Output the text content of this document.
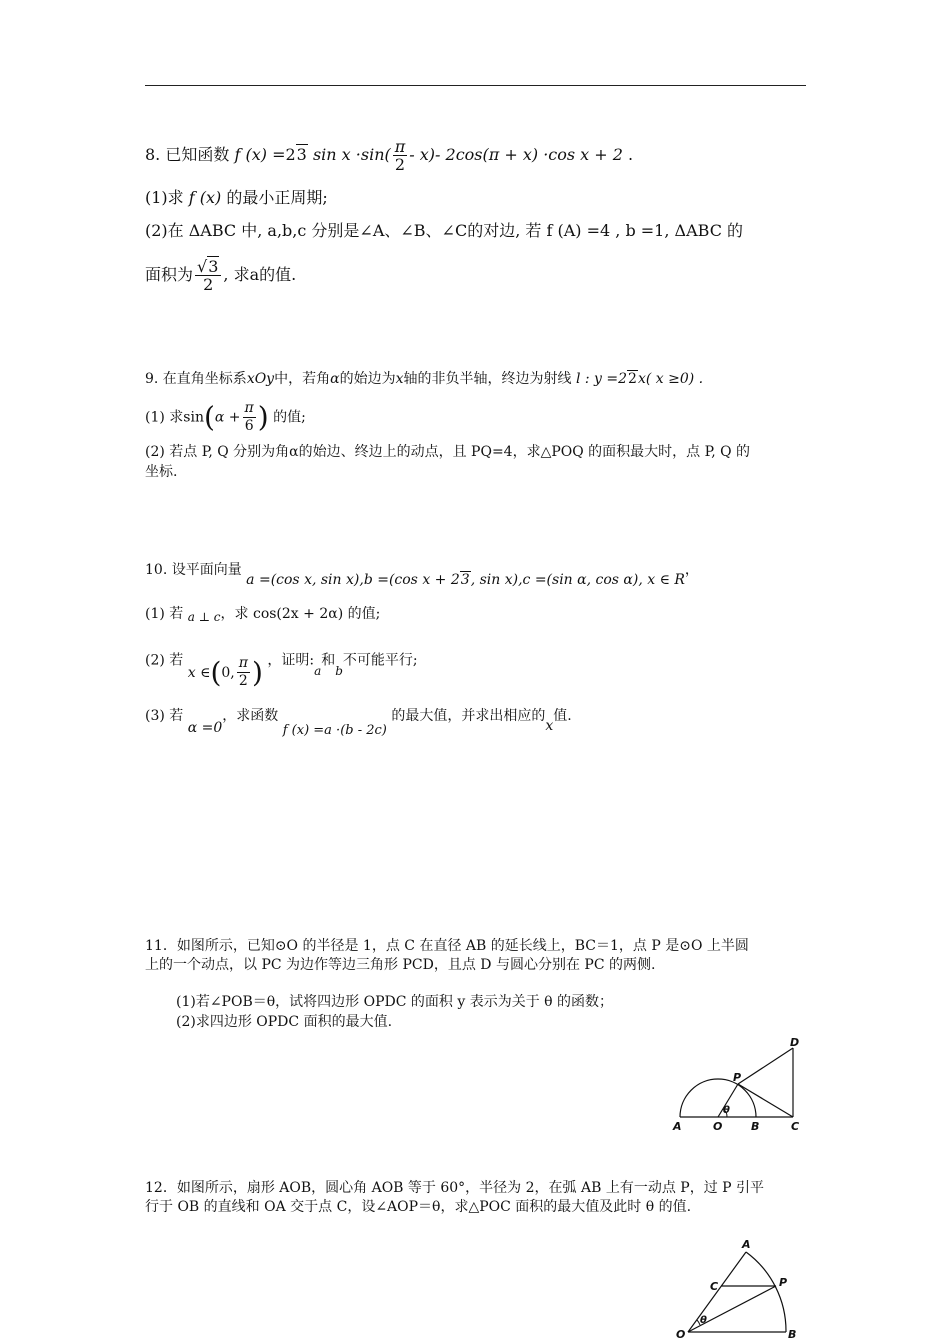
8. 已知函数 f (x) =23 $\sin x \cdot\sin( \frac{\pi}{2} - x)-$ 2cos(π + x) ·cos x + 2 .
(1)求 f (x) 的最小正周期;
(2)在 ΔABC 中, a,b,c 分别是∠A、∠B、∠C的对边, 若 f (A) =4 , b =1, ΔABC 的
面积为 $\frac{√3}{2}$ , 求a的值.
9. 在直角坐标系xOy中，若角α的始边为x轴的非负半轴，终边为射线 l : y =22x( x ≥0) .
(1) 求$\sin(\alpha + \frac{\pi}{6}$ ) 的值;
(2) 若点 P, Q 分别为角α的始边、终边上的动点，且 PQ=4，求△POQ 的面积最大时，点 P, Q 的
坐标.
10. 设平面向量 a =(cos x, sin x),b =(cos x + 23, sin x),c =(sin α, cos α), x ∈ R，
(1) 若 a ⊥ c，求 cos(2x + 2α) 的值;
(2) 若 x ∈(0, $\frac{\pi}{2}$ ) ，证明:a和b不可能平行;
(3) 若 α =0，求函数 f (x) =a ·(b - 2c) 的最大值，并求出相应的x值.
11．如图所示，已知⊙O 的半径是 1，点 C 在直径 AB 的延长线上，BC＝1，点 P 是⊙O 上半圆
上的一个动点，以 PC 为边作等边三角形 PCD，且点 D 与圆心分别在 PC 的两侧.
(1)若∠POB＝θ，试将四边形 OPDC 的面积 y 表示为关于 θ 的函数；
(2)求四边形 OPDC 面积的最大值.
A	O	B	C
P
D
θ
12．如图所示，扇形 AOB，圆心角 AOB 等于 60°，半径为 2，在弧 AB 上有一动点 P，过 P 引平
行于 OB 的直线和 OA 交于点 C，设∠AOP＝θ，求△POC 面积的最大值及此时 θ 的值.
A
C	P
O	B
θ
